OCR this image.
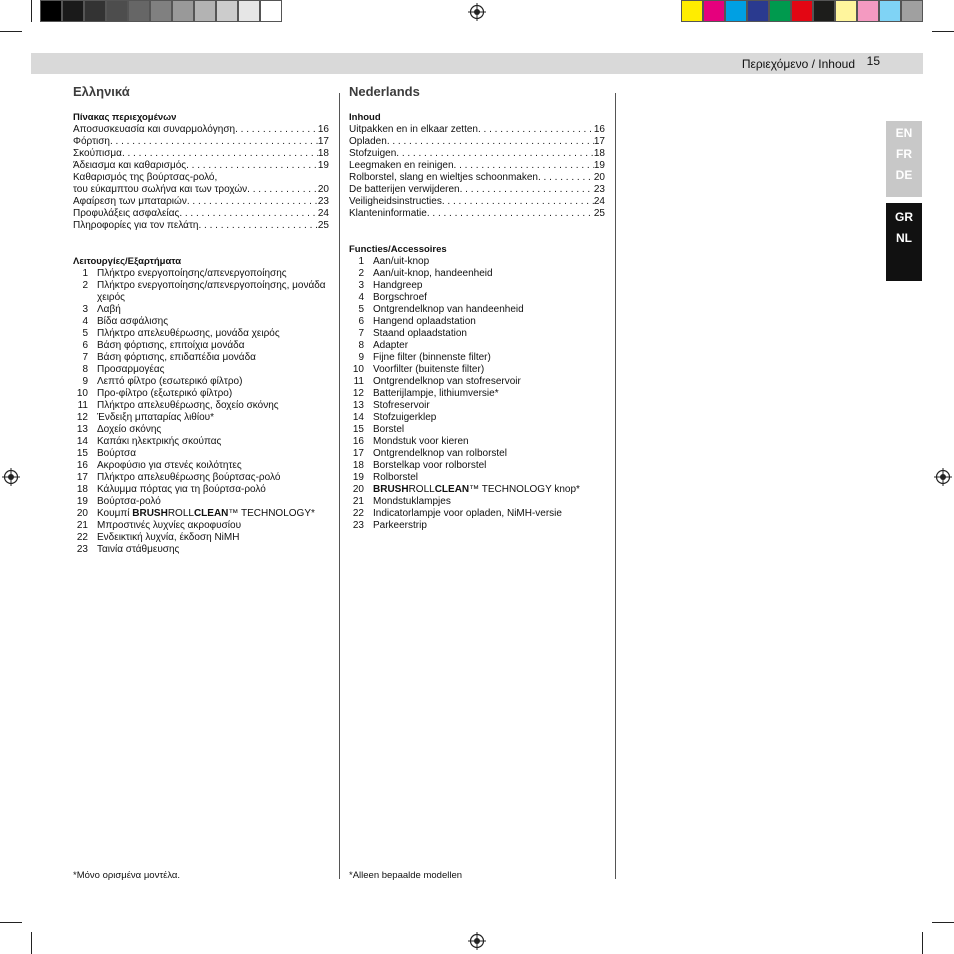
Περιεχόμενο / Inhoud 15
Ελληνικά
Πίνακας περιεχομένων
Αποσυσκευασία και συναρμολόγηση . . .	16
Φόρτιση . . .	17
Σκούπισμα . . .	18
Άδειασμα και καθαρισμός . . .	19
Καθαρισμός της βούρτσας-ρολό,
του εύκαμπτου σωλήνα και των τροχών . . .	20
Αφαίρεση των μπαταριών . . .	23
Προφυλάξεις ασφαλείας . . .	24
Πληροφορίες για τον πελάτη . . .	25
Λειτουργίες/Εξαρτήματα
1 Πλήκτρο ενεργοποίησης/απενεργοποίησης
2 Πλήκτρο ενεργοποίησης/απενεργοποίησης, μονάδα χειρός
3 Λαβή
4 Βίδα ασφάλισης
5 Πλήκτρο απελευθέρωσης, μονάδα χειρός
6 Βάση φόρτισης, επιτοίχια μονάδα
7 Βάση φόρτισης, επιδαπέδια μονάδα
8 Προσαρμογέας
9 Λεπτό φίλτρο (εσωτερικό φίλτρο)
10 Προ-φίλτρο (εξωτερικό φίλτρο)
11 Πλήκτρο απελευθέρωσης, δοχείο σκόνης
12 Ένδειξη μπαταρίας λιθίου*
13 Δοχείο σκόνης
14 Καπάκι ηλεκτρικής σκούπας
15 Βούρτσα
16 Ακροφύσιο για στενές κοιλότητες
17 Πλήκτρο απελευθέρωσης βούρτσας-ρολό
18 Κάλυμμα πόρτας για τη βούρτσα-ρολό
19 Βούρτσα-ρολό
20 Κουμπί BRUSHROLLCLEAN™ TECHNOLOGY*
21 Μπροστινές λυχνίες ακροφυσίου
22 Ενδεικτική λυχνία, έκδοση NiMH
23 Ταινία στάθμευσης
*Μόνο ορισμένα μοντέλα.
Nederlands
Inhoud
Uitpakken en in elkaar zetten . . .	16
Opladen . . .	17
Stofzuigen . . .	18
Leegmaken en reinigen . . .	19
Rolborstel, slang en wieltjes schoonmaken . . .	20
De batterijen verwijderen . . .	23
Veiligheidsinstructies . . .	24
Klanteninformatie . . .	25
Functies/Accessoires
1 Aan/uit-knop
2 Aan/uit-knop, handeenheid
3 Handgreep
4 Borgschroef
5 Ontgrendelknop van handeenheid
6 Hangend oplaadstation
7 Staand oplaadstation
8 Adapter
9 Fijne filter (binnenste filter)
10 Voorfilter (buitenste filter)
11 Ontgrendelknop van stofreservoir
12 Batterijlampje, lithiumversie*
13 Stofreservoir
14 Stofzuigerklep
15 Borstel
16 Mondstuk voor kieren
17 Ontgrendelknop van rolborstel
18 Borstelkap voor rolborstel
19 Rolborstel
20 BRUSHROLLCLEAN™ TECHNOLOGY knop*
21 Mondstuklampjes
22 Indicatorlampje voor opladen, NiMH-versie
23 Parkeerstrip
*Alleen bepaalde modellen
EN
FR
DE
GR
NL
